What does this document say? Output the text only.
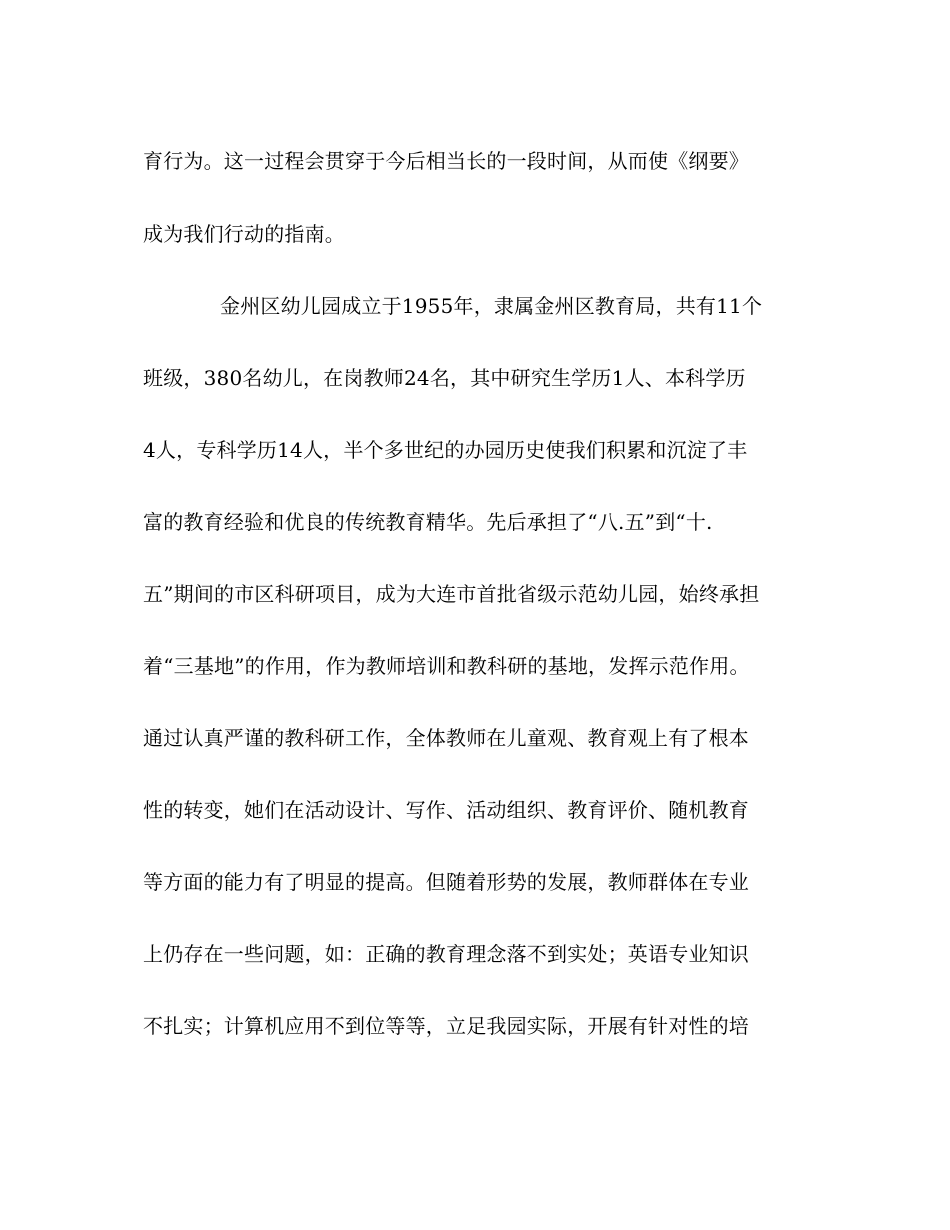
育行为。这一过程会贯穿于今后相当长的一段时间，从而使《纲要》
成为我们行动的指南。
金州区幼儿园成立于1955年，隶属金州区教育局，共有11个
班级，380名幼儿，在岗教师24名，其中研究生学历1人、本科学历
4人，专科学历14人，半个多世纪的办园历史使我们积累和沉淀了丰
富的教育经验和优良的传统教育精华。先后承担了“八.五”到“十.
五”期间的市区科研项目，成为大连市首批省级示范幼儿园，始终承担
着“三基地”的作用，作为教师培训和教科研的基地，发挥示范作用。
通过认真严谨的教科研工作，全体教师在儿童观、教育观上有了根本
性的转变，她们在活动设计、写作、活动组织、教育评价、随机教育
等方面的能力有了明显的提高。但随着形势的发展，教师群体在专业
上仍存在一些问题，如：正确的教育理念落不到实处；英语专业知识
不扎实；计算机应用不到位等等，立足我园实际，开展有针对性的培
